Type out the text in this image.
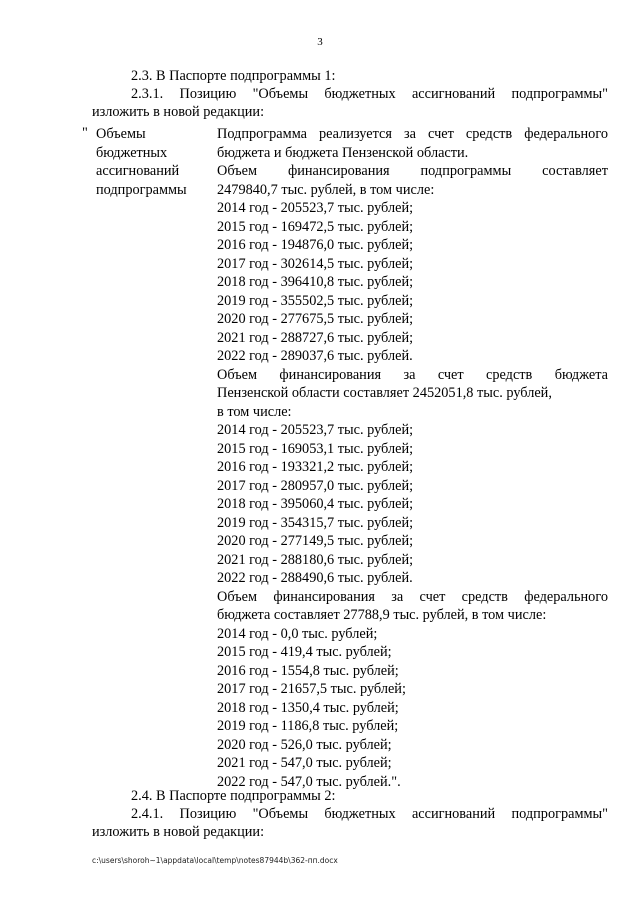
3
2.3. В Паспорте подпрограммы 1:
2.3.1. Позицию "Объемы бюджетных ассигнований подпрограммы"
изложить в новой редакции:
" Объемы
бюджетных
ассигнований
подпрограммы
Подпрограмма реализуется за счет средств федерального
бюджета и бюджета Пензенской области.
Объем финансирования подпрограммы составляет
2479840,7 тыс. рублей, в том числе:
2014 год - 205523,7 тыс. рублей;
2015 год - 169472,5 тыс. рублей;
2016 год - 194876,0 тыс. рублей;
2017 год - 302614,5 тыс. рублей;
2018 год - 396410,8 тыс. рублей;
2019 год - 355502,5 тыс. рублей;
2020 год - 277675,5 тыс. рублей;
2021 год - 288727,6 тыс. рублей;
2022 год - 289037,6 тыс. рублей.
Объем финансирования за счет средств бюджета
Пензенской области составляет 2452051,8 тыс. рублей,
в том числе:
2014 год - 205523,7 тыс. рублей;
2015 год - 169053,1 тыс. рублей;
2016 год - 193321,2 тыс. рублей;
2017 год - 280957,0 тыс. рублей;
2018 год - 395060,4 тыс. рублей;
2019 год - 354315,7 тыс. рублей;
2020 год - 277149,5 тыс. рублей;
2021 год - 288180,6 тыс. рублей;
2022 год - 288490,6 тыс. рублей.
Объем финансирования за счет средств федерального
бюджета составляет 27788,9 тыс. рублей, в том числе:
2014 год - 0,0 тыс. рублей;
2015 год - 419,4 тыс. рублей;
2016 год - 1554,8 тыс. рублей;
2017 год - 21657,5 тыс. рублей;
2018 год - 1350,4 тыс. рублей;
2019 год - 1186,8 тыс. рублей;
2020 год - 526,0 тыс. рублей;
2021 год - 547,0 тыс. рублей;
2022 год - 547,0 тыс. рублей.".
2.4. В Паспорте подпрограммы 2:
2.4.1. Позицию "Объемы бюджетных ассигнований подпрограммы"
изложить в новой редакции:
c:\users\shoroh~1\appdata\local\temp\notes87944b\362-пп.docx
